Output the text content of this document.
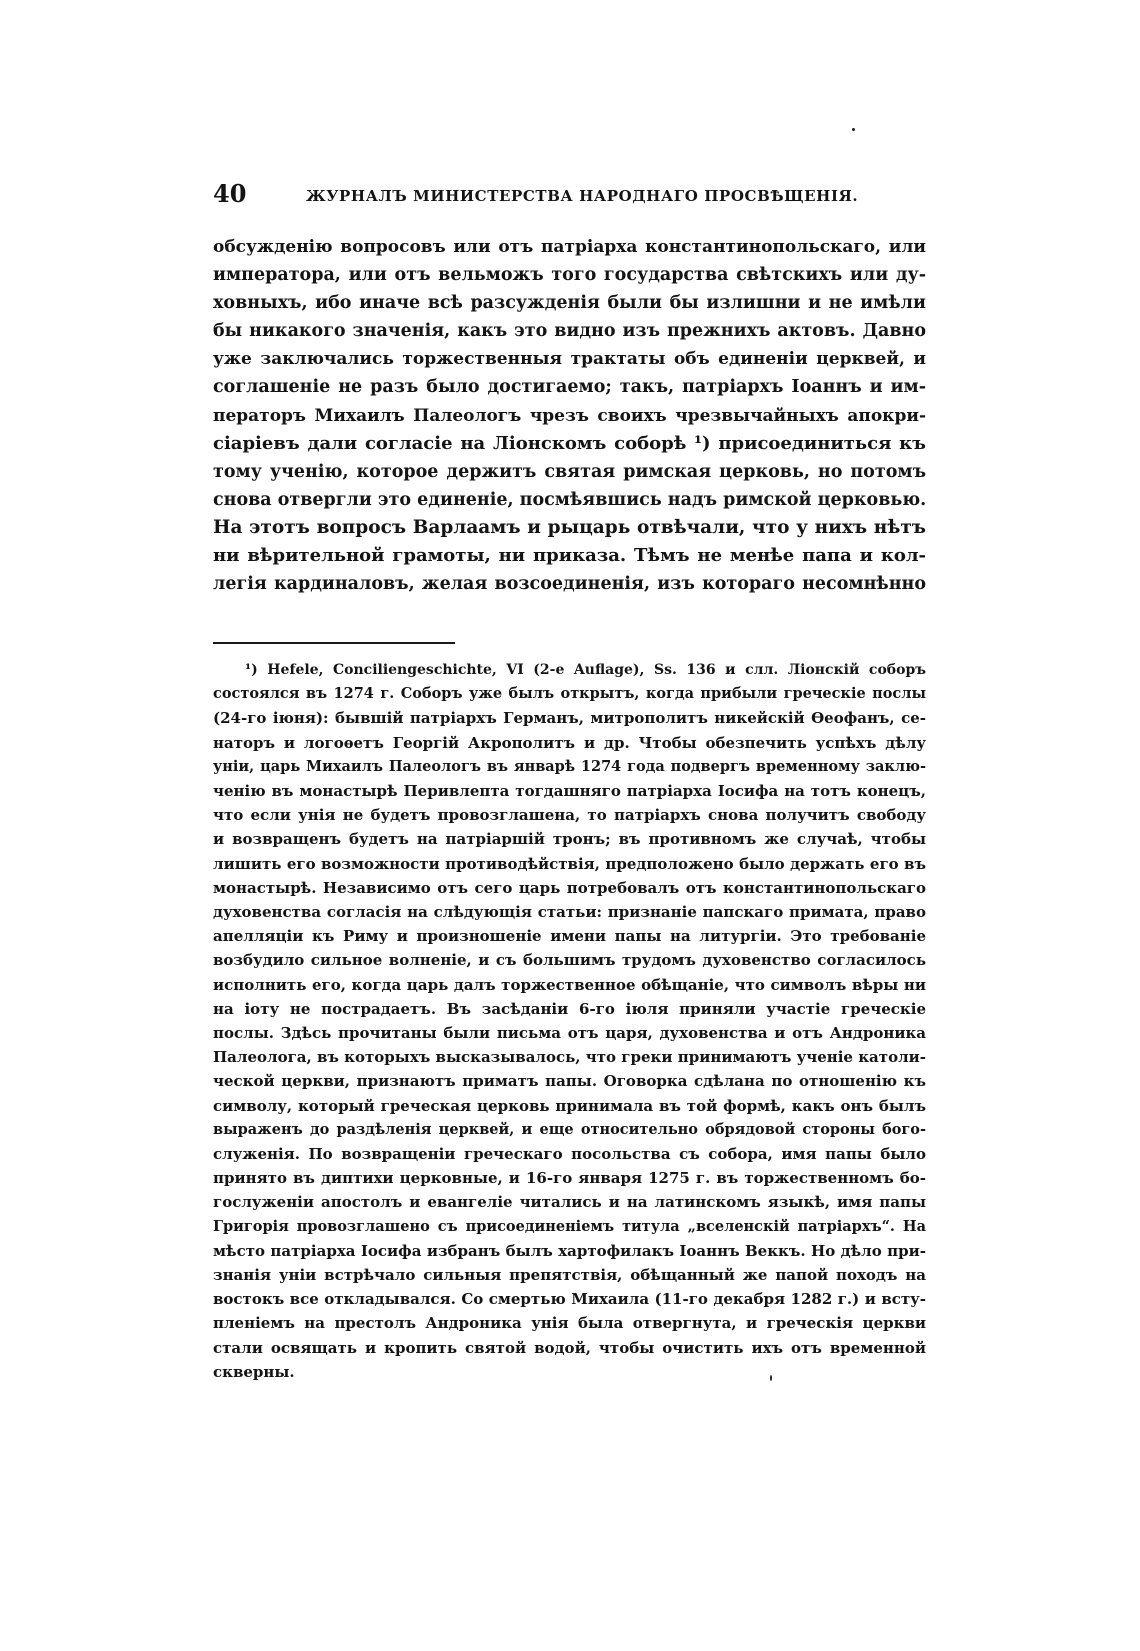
40	ЖУРНАЛЪ МИНИСТЕРСТВА НАРОДНАГО ПРОСВѢЩЕНІЯ.

обсужденію вопросовъ или отъ патріарха константинопольскаго, или
императора, или отъ вельможъ того государства свѣтскихъ или ду-
ховныхъ, ибо иначе всѣ разсужденія были бы излишни и не имѣли
бы никакого значенія, какъ это видно изъ прежнихъ актовъ. Давно
уже заключались торжественныя трактаты объ единеніи церквей, и
соглашеніе не разъ было достигаемо; такъ, патріархъ Іоаннъ и им-
ператоръ Михаилъ Палеологъ чрезъ своихъ чрезвычайныхъ апокри-
сіаріевъ дали согласіе на Ліонскомъ соборѣ ¹) присоединиться къ
тому ученію, которое держитъ святая римская церковь, но потомъ
снова отвергли это единеніе, посмѣявшись надъ римской церковью.
На этотъ вопросъ Варлаамъ и рыцарь отвѣчали, что у нихъ нѣтъ
ни вѣрительной грамоты, ни приказа. Тѣмъ не менѣе папа и кол-
легія кардиналовъ, желая возсоединенія, изъ котораго несомнѣнно

¹) Hefele, Conciliengeschichte, VI (2-е Auflage), Ss. 136 и слл. Ліонскій соборъ
состоялся въ 1274 г. Соборъ уже былъ открытъ, когда прибыли греческіе послы
(24-го іюня): бывшій патріархъ Германъ, митрополитъ никейскій Ѳеофанъ, се-
наторъ и логоѳетъ Георгій Акрополитъ и др. Чтобы обезпечить успѣхъ дѣлу
уніи, царь Михаилъ Палеологъ въ январѣ 1274 года подвергъ временному заклю-
ченію въ монастырѣ Перивлепта тогдашняго патріарха Іосифа на тотъ конецъ,
что если унія не будетъ провозглашена, то патріархъ снова получитъ свободу
и возвращенъ будетъ на патріаршій тронъ; въ противномъ же случаѣ, чтобы
лишить его возможности противодѣйствія, предположено было держать его въ
монастырѣ. Независимо отъ сего царь потребовалъ отъ константинопольскаго
духовенства согласія на слѣдующія статьи: признаніе папскаго примата, право
апелляціи къ Риму и произношеніе имени папы на литургіи. Это требованіе
возбудило сильное волненіе, и съ большимъ трудомъ духовенство согласилось
исполнить его, когда царь далъ торжественное обѣщаніе, что символъ вѣры ни
на іоту не пострадаетъ. Въ засѣданіи 6-го іюля приняли участіе греческіе
послы. Здѣсь прочитаны были письма отъ царя, духовенства и отъ Андроника
Палеолога, въ которыхъ высказывалось, что греки принимаютъ ученіе католи-
ческой церкви, признаютъ приматъ папы. Оговорка сдѣлана по отношенію къ
символу, который греческая церковь принимала въ той формѣ, какъ онъ былъ
выраженъ до раздѣленія церквей, и еще относительно обрядовой стороны бого-
служенія. По возвращеніи греческаго посольства съ собора, имя папы было
принято въ диптихи церковные, и 16-го января 1275 г. въ торжественномъ бо-
гослуженіи апостолъ и евангеліе читались и на латинскомъ языкѣ, имя папы
Григорія провозглашено съ присоединеніемъ титула „вселенскій патріархъ“. На
мѣсто патріарха Іосифа избранъ былъ хартофилакъ Іоаннъ Веккъ. Но дѣло при-
знанія уніи встрѣчало сильныя препятствія, обѣщанный же папой походъ на
востокъ все откладывался. Со смертью Михаила (11-го декабря 1282 г.) и всту-
пленіемъ на престолъ Андроника унія была отвергнута, и греческія церкви
стали освящать и кропить святой водой, чтобы очистить ихъ отъ временной
скверны.
